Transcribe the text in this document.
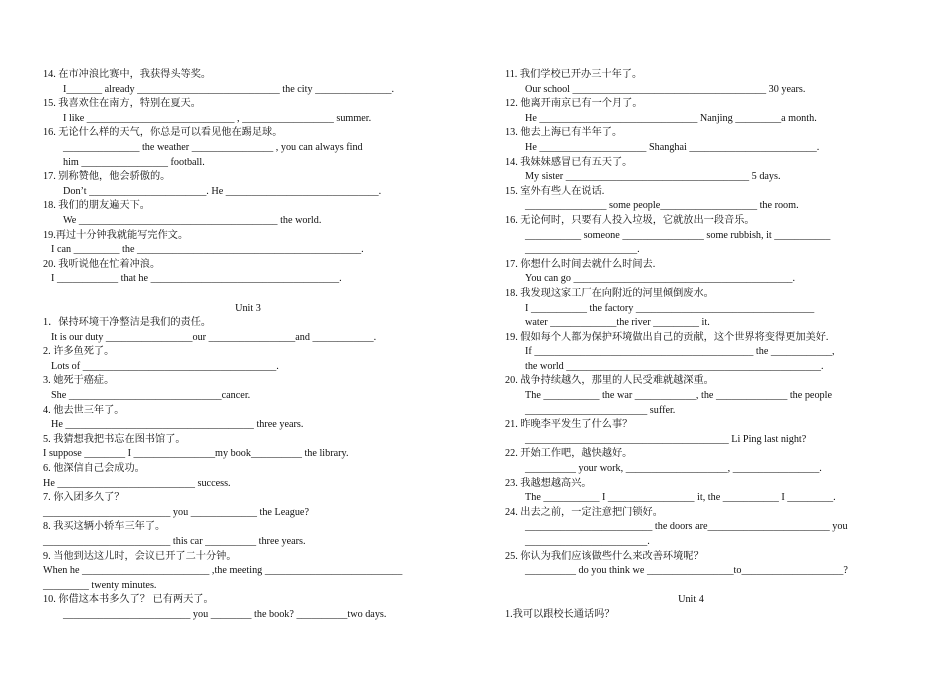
14. 在市冲浪比赛中，我获得头等奖。
I_______ already ____________________________ the city _______________.
15. 我喜欢住在南方，特别在夏天。
I like _____________________________ , __________________ summer.
16. 无论什么样的天气，你总是可以看见他在踢足球。
_______________ the weather ________________ , you can always find
him _________________ football.
17. 别称赞他，他会骄傲的。
Don’t _______________________. He ______________________________.
18. 我们的朋友遍天下。
We _______________________________________ the world.
19.再过十分钟我就能写完作文。
I can _________ the ____________________________________________.
20. 我听说他在忙着冲浪。
I ____________ that he _____________________________________.
Unit 3
1．保持环境干净整洁是我们的责任。
It is our duty _________________our _________________and ____________.
2. 许多鱼死了。
Lots of ______________________________________.
3. 她死于癌症。
She ______________________________cancer.
4. 他去世三年了。
He _____________________________________ three years.
5. 我猜想我把书忘在图书馆了。
I suppose ________ I ________________my book__________ the library.
6. 他深信自己会成功。
He ___________________________ success.
7. 你入团多久了？
_________________________ you _____________ the League?
8. 我买这辆小轿车三年了。
_________________________ this car __________ three years.
9. 当他到达这儿时，会议已开了二十分钟。
When he _________________________ ,the meeting ___________________________
_________ twenty minutes.
10. 你借这本书多久了？ 已有两天了。
_________________________ you ________ the book? __________two days.
11. 我们学校已开办三十年了。
Our school ______________________________________ 30 years.
12. 他离开南京已有一个月了。
He _______________________________ Nanjing _________a month.
13. 他去上海已有半年了。
He _____________________ Shanghai _________________________.
14. 我妹妹感冒已有五天了。
My sister ____________________________________ 5 days.
15. 室外有些人在说话.
________________ some people___________________ the room.
16. 无论何时，只要有人投入垃圾，它就放出一段音乐。
___________ someone ________________ some rubbish, it ___________
______________________.
17. 你想什么时间去就什么时间去.
You can go ___________________________________________.
18. 我发现这家工厂在向附近的河里倾倒废水。
I ___________ the factory ___________________________________
water _____________the river _________ it.
19. 假如每个人都为保护环境做出自己的贡献，这个世界将变得更加美好.
If ___________________________________________ the ____________,
the world __________________________________________________.
20. 战争持续越久，那里的人民受难就越深重。
The ___________ the war ____________, the ______________ the people
________________________ suffer.
21. 昨晚李平发生了什么事？
________________________________________ Li Ping last night?
22. 开始工作吧，越快越好。
__________ your work, ____________________, _________________.
23. 我越想越高兴。
The ___________ I _________________ it, the ___________ I _________.
24. 出去之前，一定注意把门锁好。
_________________________ the doors are________________________ you
________________________.
25. 你认为我们应该做些什么来改善环境呢？
__________ do you think we _________________to____________________?
Unit 4
1.我可以跟校长通话吗？
